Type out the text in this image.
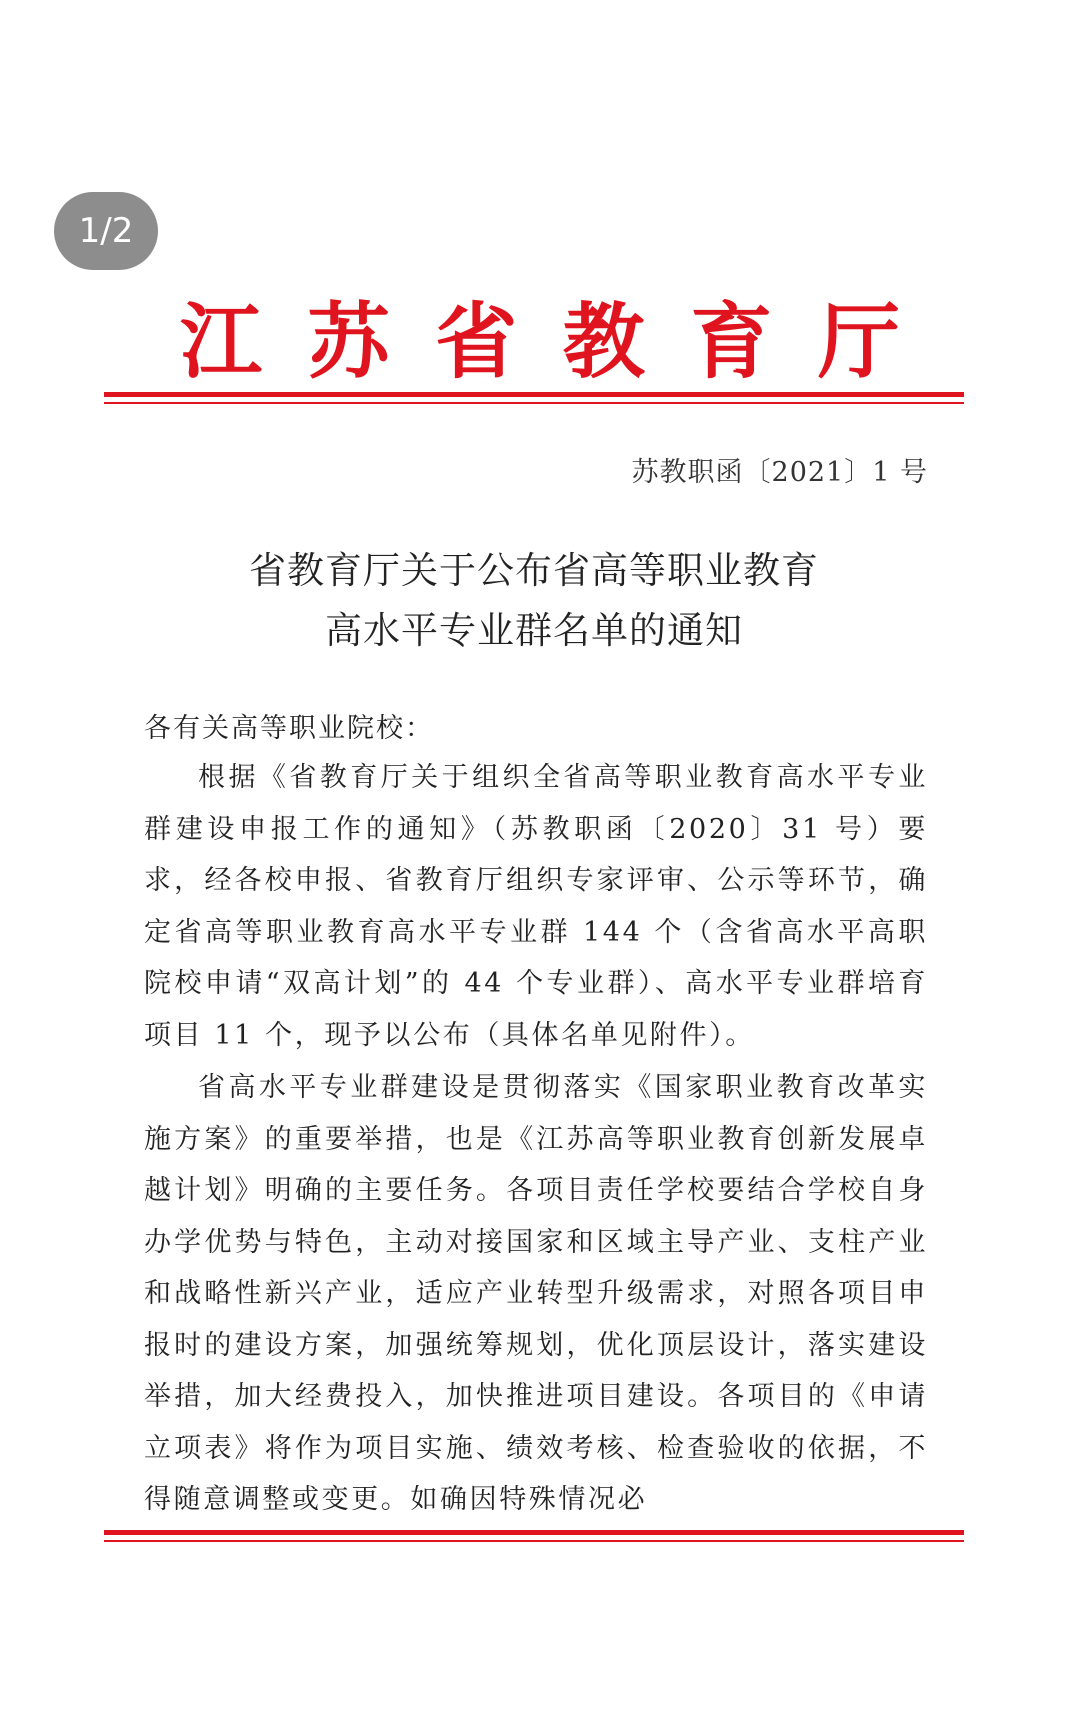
1/2
江 苏 省 教 育 厅
苏教职函〔2021〕1 号
省教育厅关于公布省高等职业教育
高水平专业群名单的通知
各有关高等职业院校：

根据《省教育厅关于组织全省高等职业教育高水平专业群建设申报工作的通知》（苏教职函〔2020〕31 号）要求，经各校申报、省教育厅组织专家评审、公示等环节，确定省高等职业教育高水平专业群 144 个（含省高水平高职院校申请“双高计划”的 44 个专业群）、高水平专业群培育项目 11 个，现予以公布（具体名单见附件）。

省高水平专业群建设是贯彻落实《国家职业教育改革实施方案》的重要举措，也是《江苏高等职业教育创新发展卓越计划》明确的主要任务。各项目责任学校要结合学校自身办学优势与特色，主动对接国家和区域主导产业、支柱产业和战略性新兴产业，适应产业转型升级需求，对照各项目申报时的建设方案，加强统筹规划，优化顶层设计，落实建设举措，加大经费投入，加快推进项目建设。各项目的《申请立项表》将作为项目实施、绩效考核、检查验收的依据，不得随意调整或变更。如确因特殊情况必
